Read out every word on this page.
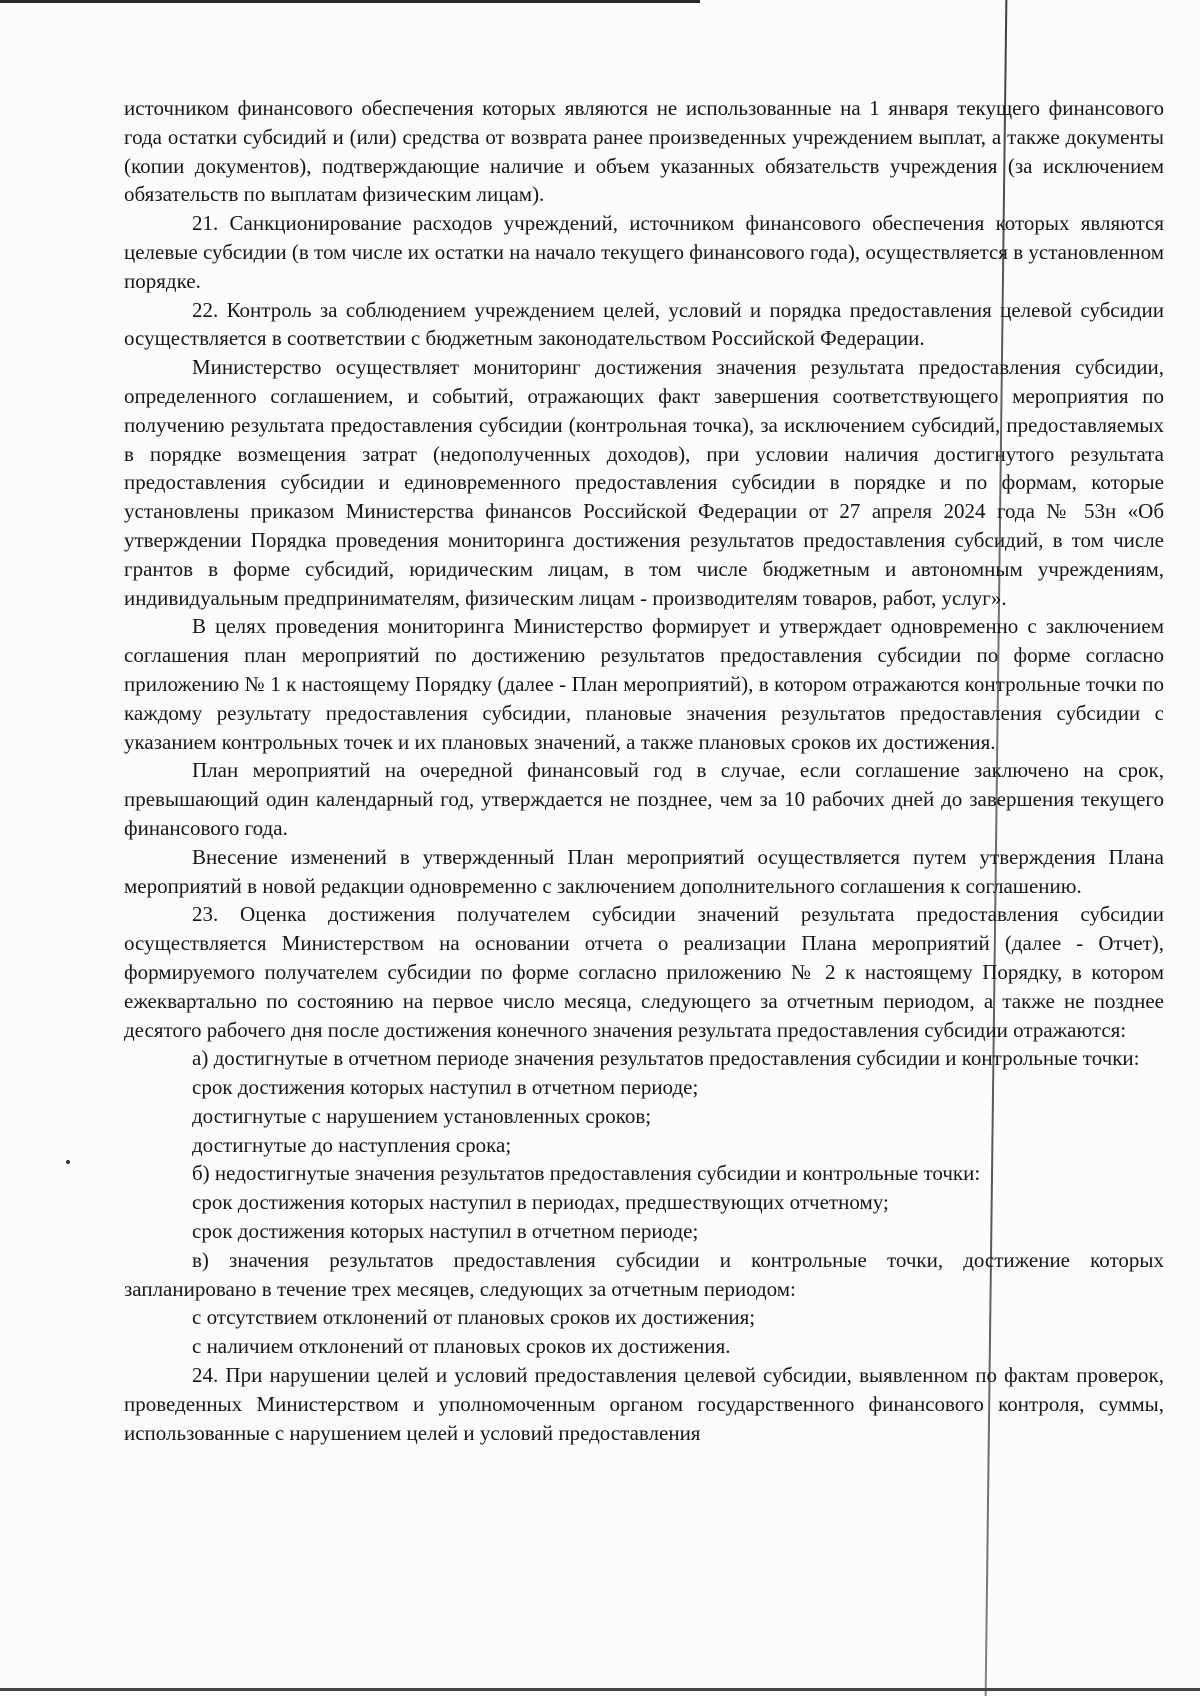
источником финансового обеспечения которых являются не использованные на 1 января текущего финансового года остатки субсидий и (или) средства от возврата ранее произведенных учреждением выплат, а также документы (копии документов), подтверждающие наличие и объем указанных обязательств учреждения (за исключением обязательств по выплатам физическим лицам).

21. Санкционирование расходов учреждений, источником финансового обеспечения которых являются целевые субсидии (в том числе их остатки на начало текущего финансового года), осуществляется в установленном порядке.

22. Контроль за соблюдением учреждением целей, условий и порядка предоставления целевой субсидии осуществляется в соответствии с бюджетным законодательством Российской Федерации.

Министерство осуществляет мониторинг достижения значения результата предоставления субсидии, определенного соглашением, и событий, отражающих факт завершения соответствующего мероприятия по получению результата предоставления субсидии (контрольная точка), за исключением субсидий, предоставляемых в порядке возмещения затрат (недополученных доходов), при условии наличия достигнутого результата предоставления субсидии и единовременного предоставления субсидии в порядке и по формам, которые установлены приказом Министерства финансов Российской Федерации от 27 апреля 2024 года № 53н «Об утверждении Порядка проведения мониторинга достижения результатов предоставления субсидий, в том числе грантов в форме субсидий, юридическим лицам, в том числе бюджетным и автономным учреждениям, индивидуальным предпринимателям, физическим лицам - производителям товаров, работ, услуг».

В целях проведения мониторинга Министерство формирует и утверждает одновременно с заключением соглашения план мероприятий по достижению результатов предоставления субсидии по форме согласно приложению № 1 к настоящему Порядку (далее - План мероприятий), в котором отражаются контрольные точки по каждому результату предоставления субсидии, плановые значения результатов предоставления субсидии с указанием контрольных точек и их плановых значений, а также плановых сроков их достижения.

План мероприятий на очередной финансовый год в случае, если соглашение заключено на срок, превышающий один календарный год, утверждается не позднее, чем за 10 рабочих дней до завершения текущего финансового года.

Внесение изменений в утвержденный План мероприятий осуществляется путем утверждения Плана мероприятий в новой редакции одновременно с заключением дополнительного соглашения к соглашению.

23. Оценка достижения получателем субсидии значений результата предоставления субсидии осуществляется Министерством на основании отчета о реализации Плана мероприятий (далее - Отчет), формируемого получателем субсидии по форме согласно приложению № 2 к настоящему Порядку, в котором ежеквартально по состоянию на первое число месяца, следующего за отчетным периодом, а также не позднее десятого рабочего дня после достижения конечного значения результата предоставления субсидии отражаются:

а) достигнутые в отчетном периоде значения результатов предоставления субсидии и контрольные точки:

срок достижения которых наступил в отчетном периоде;

достигнутые с нарушением установленных сроков;

достигнутые до наступления срока;

б) недостигнутые значения результатов предоставления субсидии и контрольные точки:

срок достижения которых наступил в периодах, предшествующих отчетному;

срок достижения которых наступил в отчетном периоде;

в) значения результатов предоставления субсидии и контрольные точки, достижение которых запланировано в течение трех месяцев, следующих за отчетным периодом:

с отсутствием отклонений от плановых сроков их достижения;

с наличием отклонений от плановых сроков их достижения.

24. При нарушении целей и условий предоставления целевой субсидии, выявленном по фактам проверок, проведенных Министерством и уполномоченным органом государственного финансового контроля, суммы, использованные с нарушением целей и условий предоставления
